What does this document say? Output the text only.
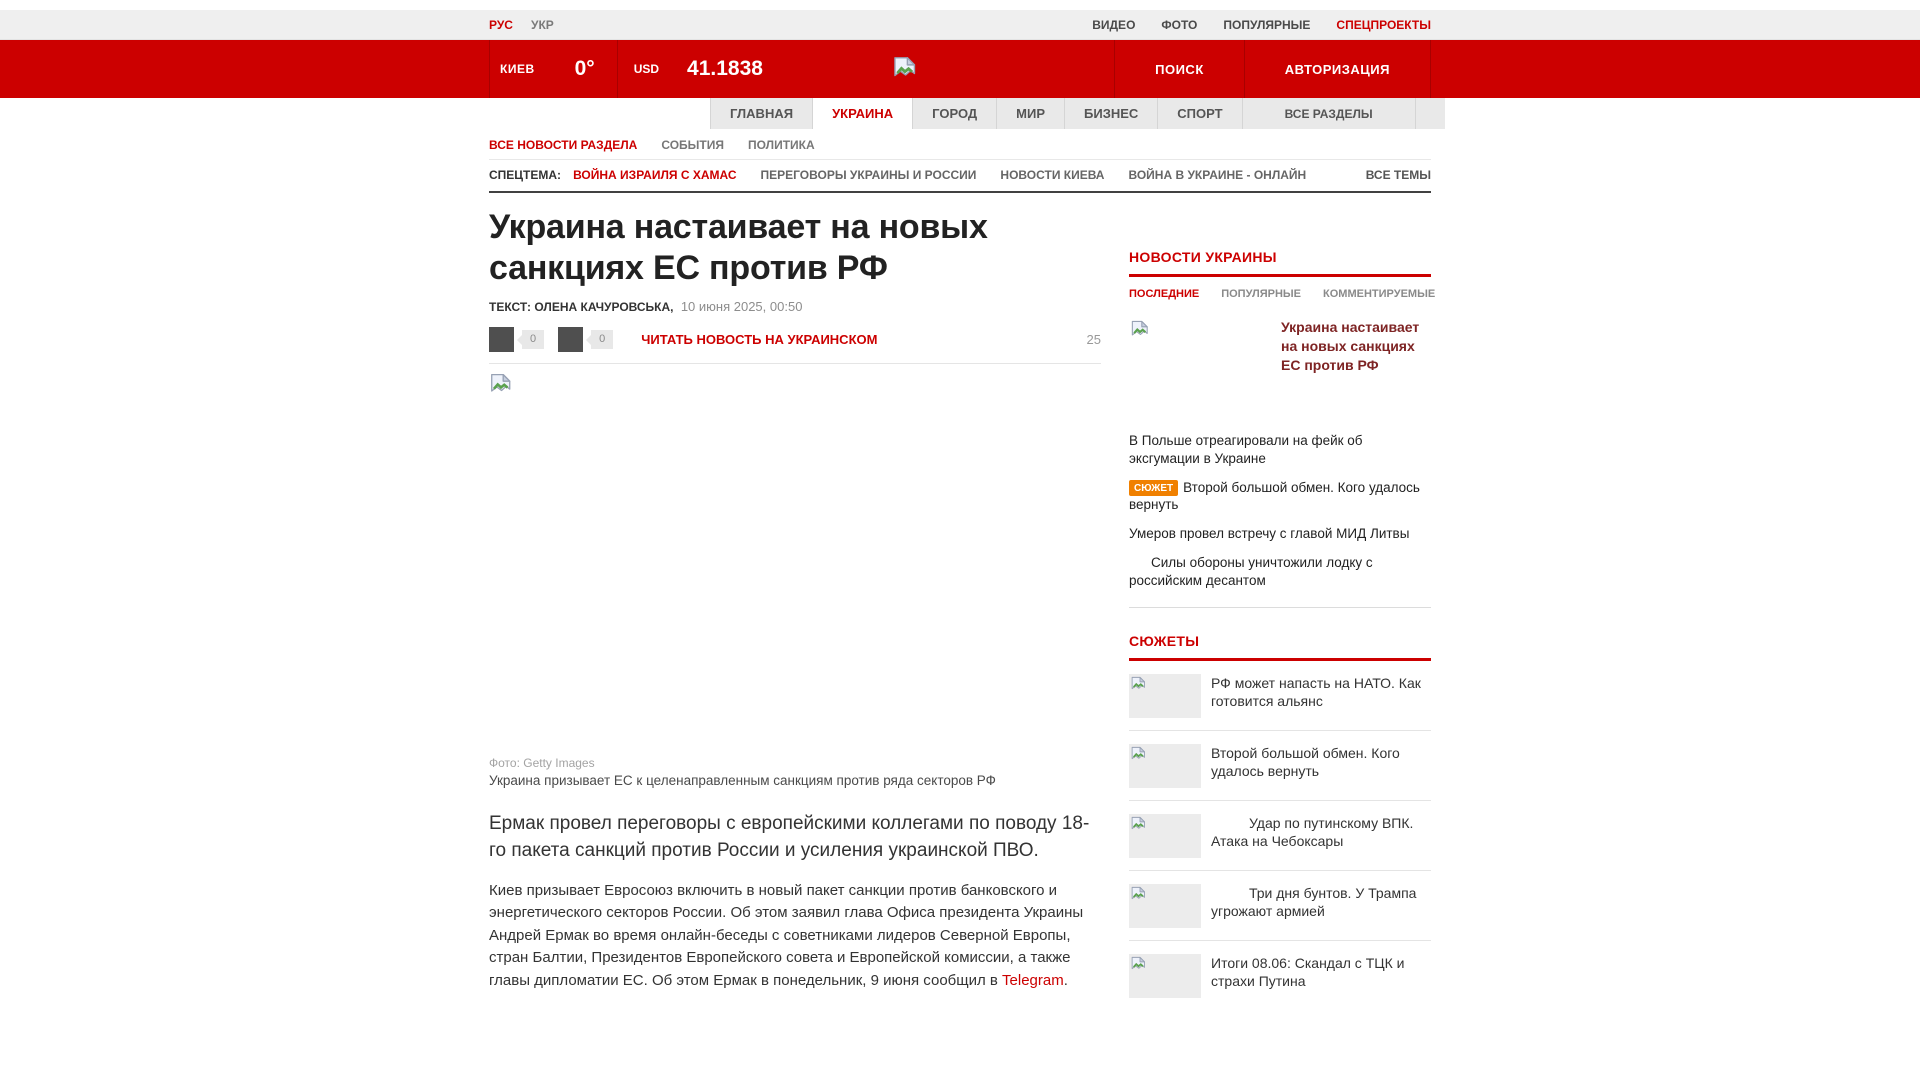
РУС УКР	ВИДЕО ФОТО ПОПУЛЯРНЫЕ СПЕЦПРОЕКТЫ
КИЕВ 0°	USD 41.1838	ПОИСК	АВТОРИЗАЦИЯ
ГЛАВНАЯ	УКРАИНА	ГОРОД	МИР	БИЗНЕС	СПОРТ	ВСЕ РАЗДЕЛЫ
ВСЕ НОВОСТИ РАЗДЕЛА СОБЫТИЯ ПОЛИТИКА
СПЕЦТЕМА: ВОЙНА ИЗРАИЛЯ С ХАМАС ПЕРЕГОВОРЫ УКРАИНЫ И РОССИИ НОВОСТИ КИЕВА ВОЙНА В УКРАИНЕ - ОНЛАЙН	ВСЕ ТЕМЫ
Украина настаивает на новых санкциях ЕС против РФ
ТЕКСТ: ОЛЕНА КАЧУРОВСЬКА, 10 июня 2025, 00:50
0	0	ЧИТАТЬ НОВОСТЬ НА УКРАИНСКОМ	25
Фото: Getty Images
Украина призывает ЕС к целенаправленным санкциям против ряда секторов РФ

Ермак провел переговоры с европейскими коллегами по поводу 18-го пакета санкций против России и усиления украинской ПВО.

Киев призывает Евросоюз включить в новый пакет санкции против банковского и энергетического секторов России. Об этом заявил глава Офиса президента Украины Андрей Ермак во время онлайн-беседы с советниками лидеров Северной Европы, стран Балтии, Президентов Европейского совета и Европейской комиссии, а также главы дипломатии ЕС. Об этом Ермак в понедельник, 9 июня сообщил в Telegram.

НОВОСТИ УКРАИНЫ
ПОСЛЕДНИЕ ПОПУЛЯРНЫЕ КОММЕНТИРУЕМЫЕ
Украина настаивает на новых санкциях ЕС против РФ
В Польше отреагировали на фейк об эксгумации в Украине
СЮЖЕТ Второй большой обмен. Кого удалось вернуть
Умеров провел встречу с главой МИД Литвы
Силы обороны уничтожили лодку с российским десантом
СЮЖЕТЫ
РФ может напасть на НАТО. Как готовится альянс
Второй большой обмен. Кого удалось вернуть
Удар по путинскому ВПК. Атака на Чебоксары
Три дня бунтов. У Трампа угрожают армией
Итоги 08.06: Скандал с ТЦК и страхи Путина
